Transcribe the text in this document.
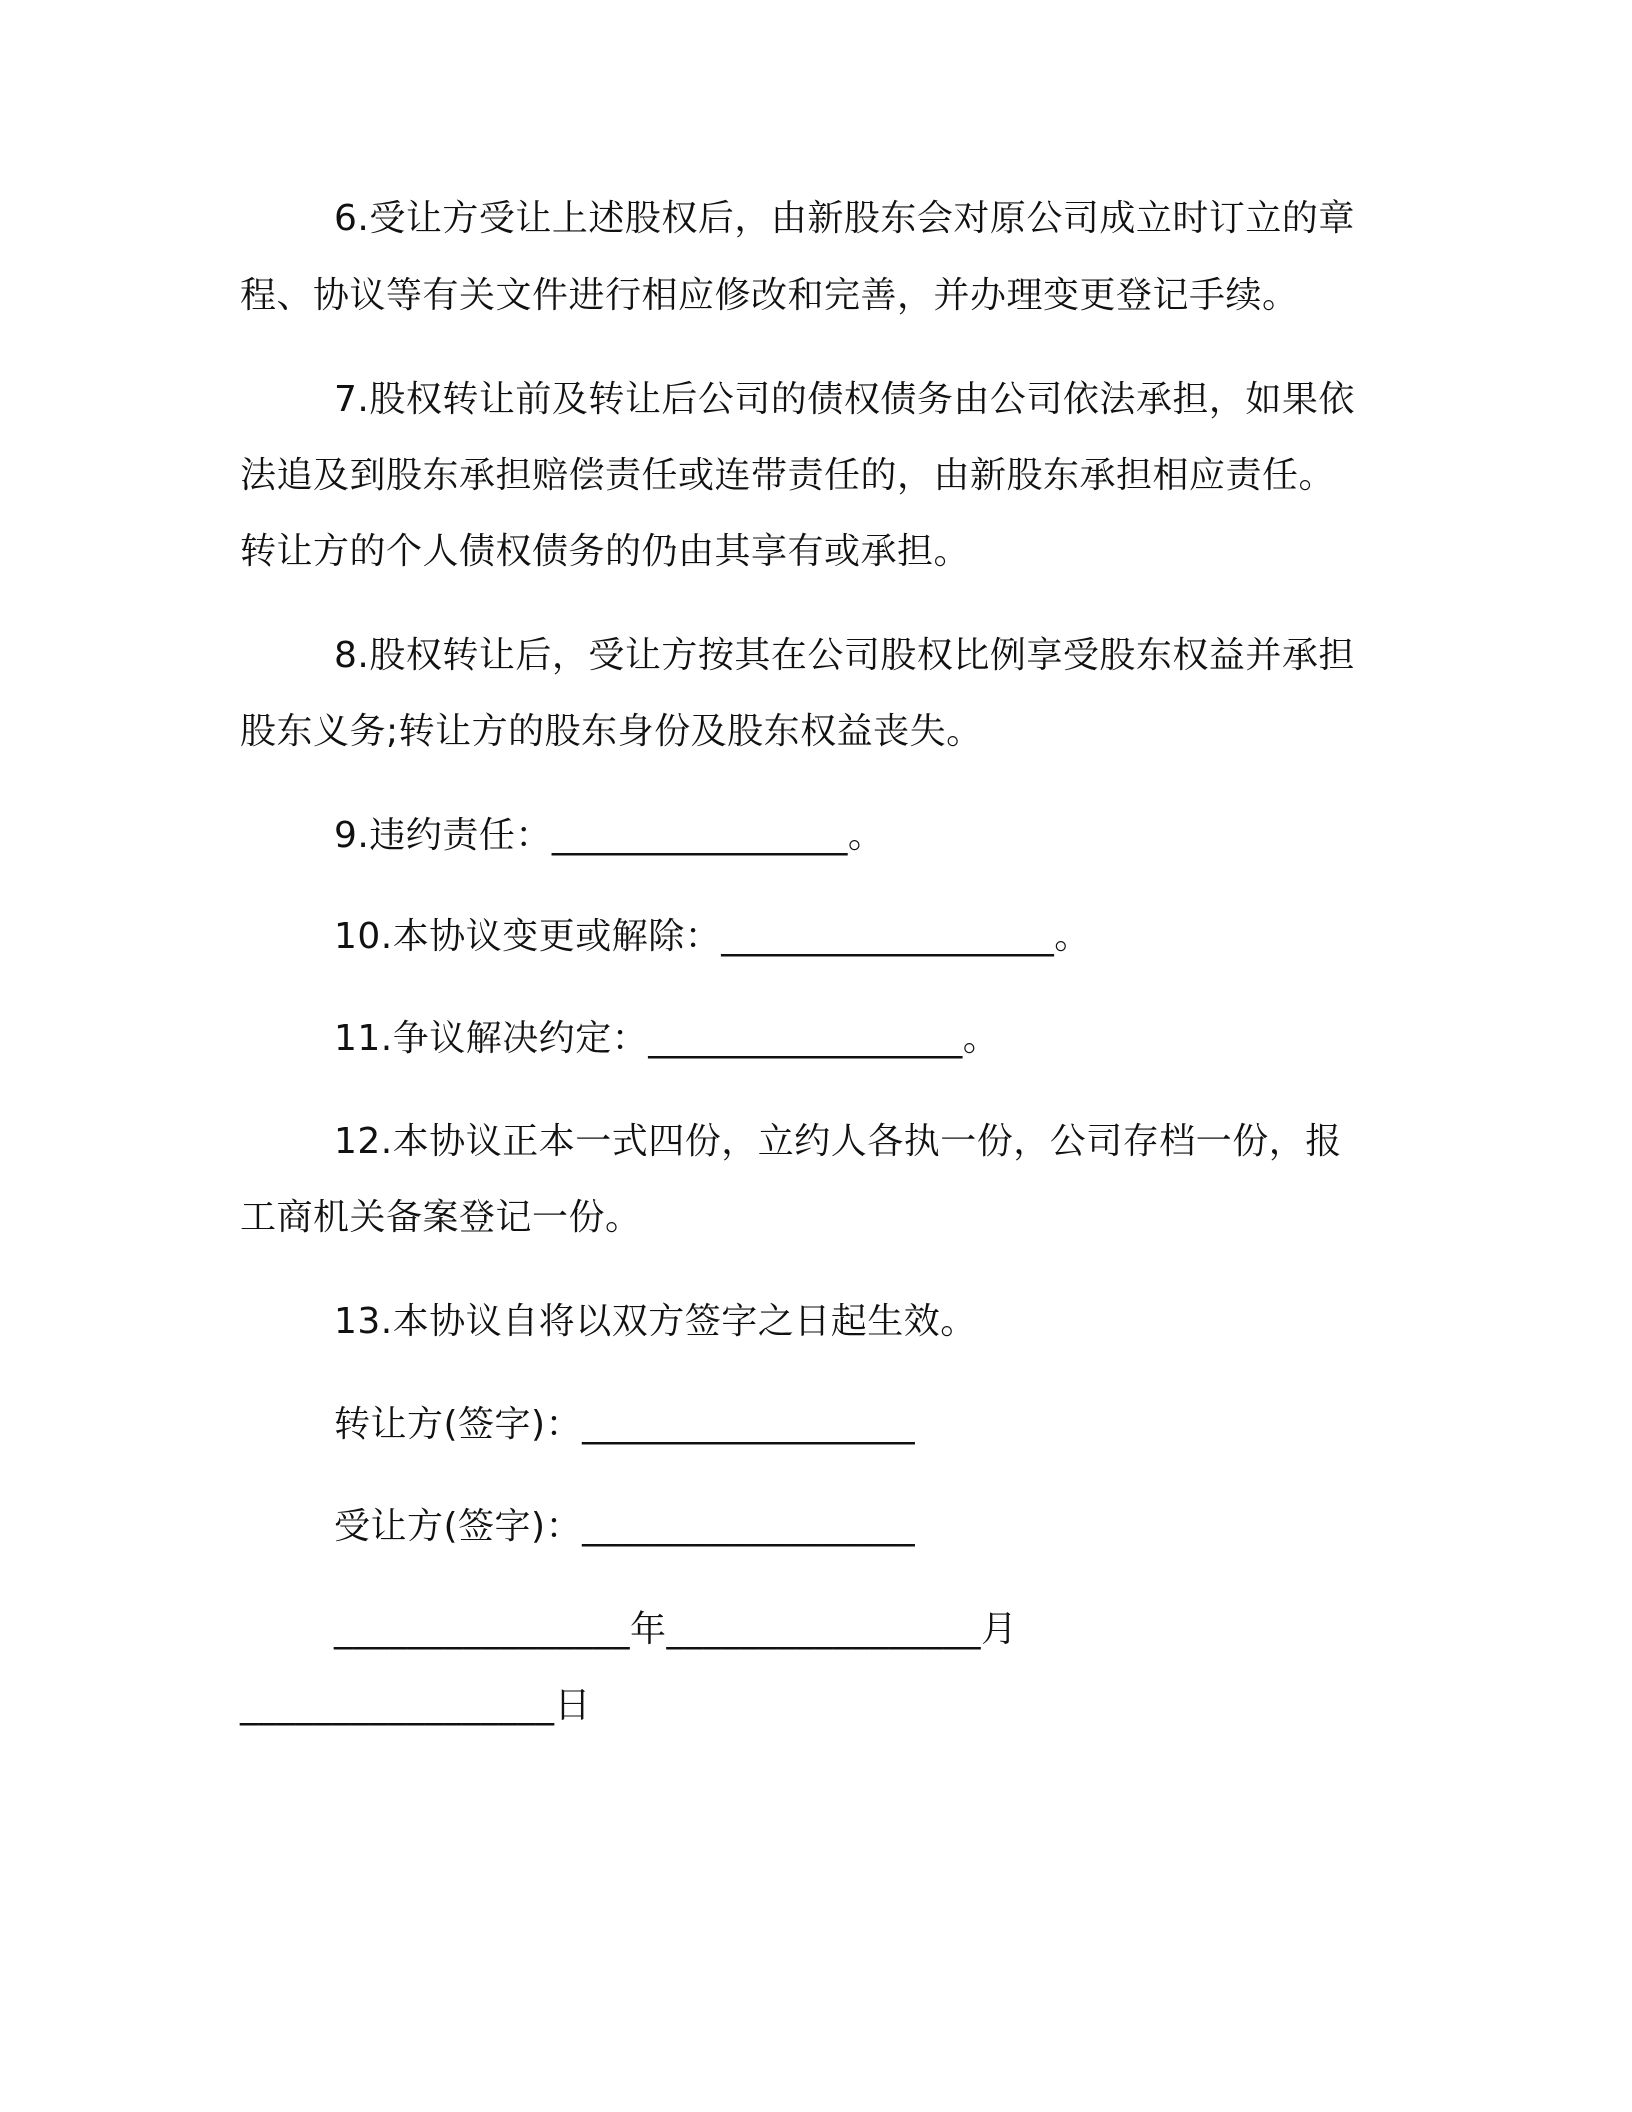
6.受让方受让上述股权后，由新股东会对原公司成立时订立的章
程、协议等有关文件进行相应修改和完善，并办理变更登记手续。
7.股权转让前及转让后公司的债权债务由公司依法承担，如果依
法追及到股东承担赔偿责任或连带责任的，由新股东承担相应责任。
转让方的个人债权债务的仍由其享有或承担。
8.股权转让后，受让方按其在公司股权比例享受股东权益并承担
股东义务;转让方的股东身份及股东权益丧失。
9.违约责任：________________。
10.本协议变更或解除：__________________。
11.争议解决约定：_________________。
12.本协议正本一式四份，立约人各执一份，公司存档一份，报
工商机关备案登记一份。
13.本协议自将以双方签字之日起生效。
转让方(签字)：__________________
受让方(签字)：__________________
________________年_________________月
_________________日
